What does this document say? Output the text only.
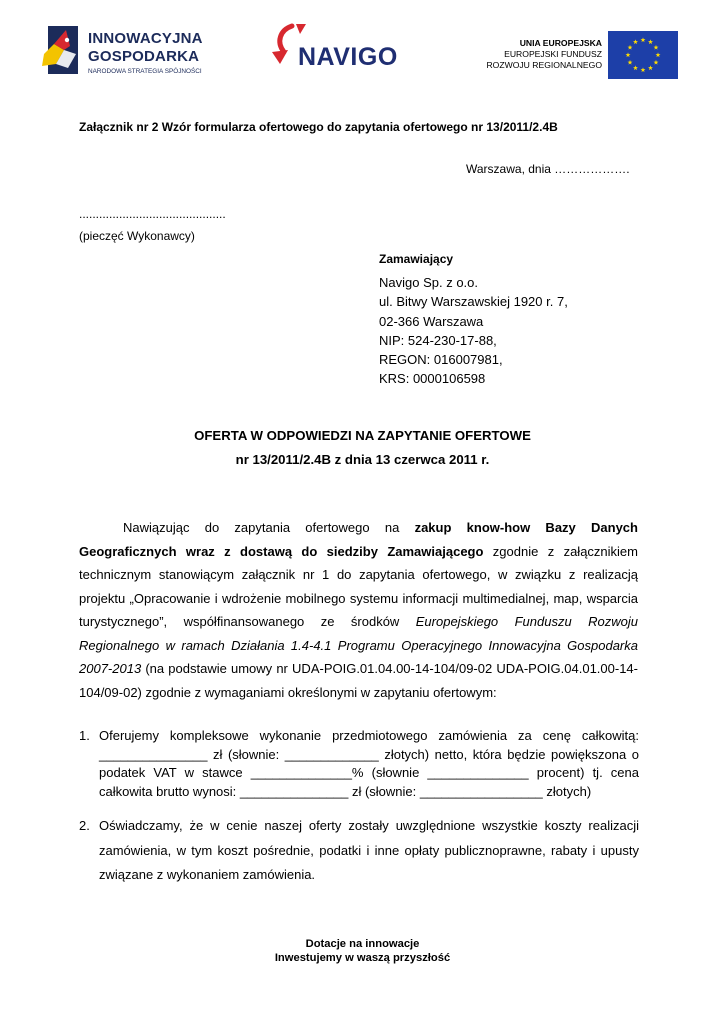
INNOWACYJNA
GOSPODARKA
NARODOWA STRATEGIA SPÓJNOŚCI
NAVIGO	UNIA EUROPEJSKA
EUROPEJSKI FUNDUSZ
ROZWOJU REGIONALNEGO
Załącznik nr 2 Wzór formularza ofertowego do zapytania ofertowego nr 13/2011/2.4B
Warszawa, dnia ……………….
............................................
(pieczęć Wykonawcy)
Zamawiający
Navigo Sp. z o.o.
ul. Bitwy Warszawskiej 1920 r. 7,
02-366 Warszawa
NIP: 524-230-17-88,
REGON: 016007981,
KRS: 0000106598
OFERTA W ODPOWIEDZI NA ZAPYTANIE OFERTOWE
nr 13/2011/2.4B z dnia 13 czerwca 2011 r.

Nawiązując do zapytania ofertowego na zakup know-how Bazy Danych Geograficznych wraz z dostawą do siedziby Zamawiającego zgodnie z załącznikiem technicznym stanowiącym załącznik nr 1 do zapytania ofertowego, w związku z realizacją projektu „Opracowanie i wdrożenie mobilnego systemu informacji multimedialnej, map, wsparcia turystycznego”, współfinansowanego ze środków Europejskiego Funduszu Rozwoju Regionalnego w ramach Działania 1.4-4.1 Programu Operacyjnego Innowacyjna Gospodarka 2007-2013 (na podstawie umowy nr UDA-POIG.01.04.00-14-104/09-02 UDA-POIG.04.01.00-14-104/09-02) zgodnie z wymaganiami określonymi w zapytaniu ofertowym:

1. Oferujemy kompleksowe wykonanie przedmiotowego zamówienia za cenę całkowitą: _______________ zł (słownie: _____________ złotych) netto, która będzie powiększona o podatek VAT w stawce ______________% (słownie ______________ procent) tj. cena całkowita brutto wynosi: _______________ zł (słownie: _________________ złotych)
2. Oświadczamy, że w cenie naszej oferty zostały uwzględnione wszystkie koszty realizacji zamówienia, w tym koszt pośrednie, podatki i inne opłaty publicznoprawne, rabaty i upusty związane z wykonaniem zamówienia.
Dotacje na innowacje
Inwestujemy w waszą przyszłość
